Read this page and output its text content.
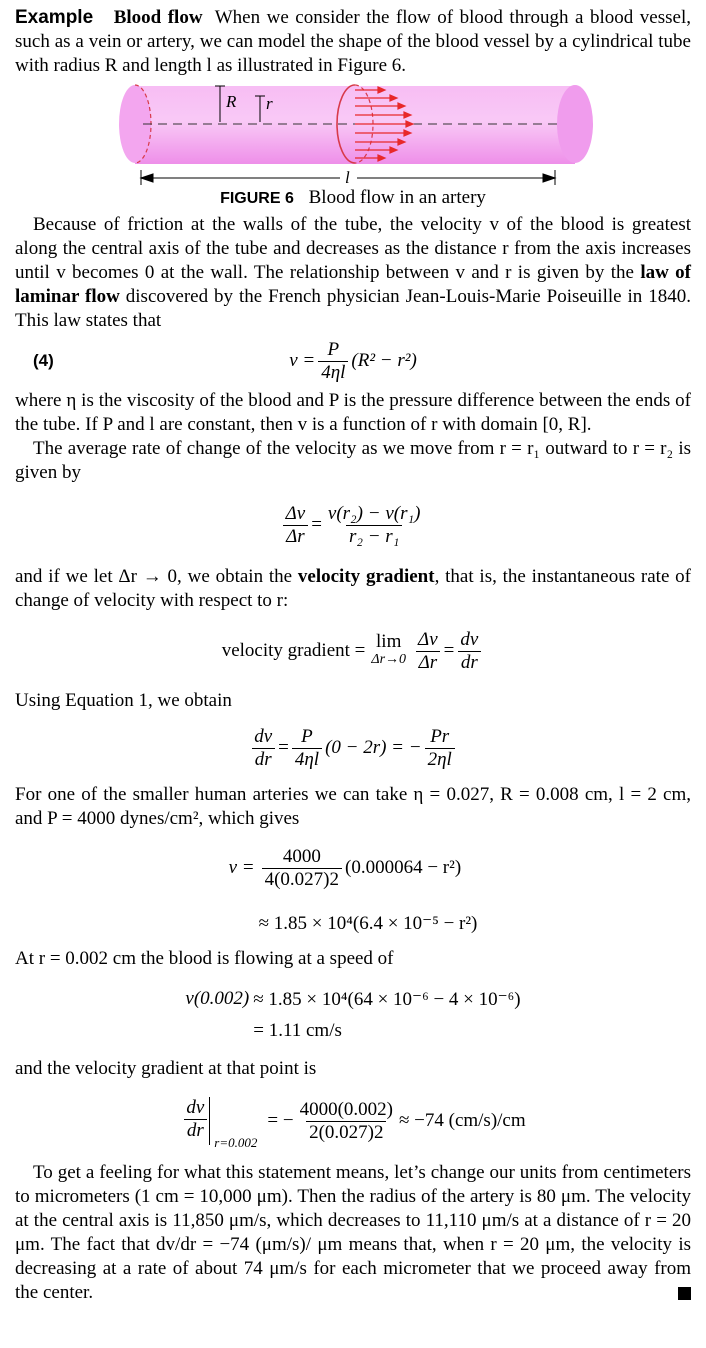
Example Blood flow When we consider the flow of blood through a blood vessel, such as a vein or artery, we can model the shape of the blood vessel by a cylindrical tube with radius R and length l as illustrated in Figure 6.

R r
l
FIGURE 6 Blood flow in an artery

Because of friction at the walls of the tube, the velocity v of the blood is greatest along the central axis of the tube and decreases as the distance r from the axis increases until v becomes 0 at the wall. The relationship between v and r is given by the law of laminar flow discovered by the French physician Jean-Louis-Marie Poiseuille in 1840. This law states that

(4)	$v = \frac{P}{4\eta l} (R^2 - r^2)$

where η is the viscosity of the blood and P is the pressure difference between the ends of the tube. If P and l are constant, then v is a function of r with domain [0, R].

The average rate of change of the velocity as we move from r = r₁ outward to r = r₂ is given by

$\frac{\Delta v}{\Delta r} = \frac{\text{v(r₂) − v(r₁)}}{\text{r₂ − r₁}}$

and if we let Δr → 0, we obtain the velocity gradient, that is, the instantaneous rate of change of velocity with respect to r:

velocity gradient = lim
$\Delta r\to 0 \frac{\Delta v}{\Delta r} = \frac{dv}{dr}$

Using Equation 1, we obtain

$\frac{dv}{dr} = \frac{P}{4\eta l} (0 - 2r)$ = − $\frac{Pr}{2\eta l}$

For one of the smaller human arteries we can take η = 0.027, R = 0.008 cm, l = 2 cm, and P = 4000 dynes/cm², which gives

$v = \frac{4000}{4(0.027)2} (0.000064 - r^2)$
≈ 1.85 × 10⁴(6.4 × 10⁻⁵ − r²)

At r = 0.002 cm the blood is flowing at a speed of

v(0.002) ≈ 1.85 × 10⁴(64 × 10⁻⁶ − 4 × 10⁻⁶)
= 1.11 cm/s

and the velocity gradient at that point is

$\frac{dv}{dr}$
r=0.002
= − $\frac{4000(0.002)}{2(0.027)2} \approx -74$ (cm/s)/cm

To get a feeling for what this statement means, let’s change our units from centimeters to micrometers (1 cm = 10,000 μm). Then the radius of the artery is 80 μm. The velocity at the central axis is 11,850 μm/s, which decreases to 11,110 μm/s at a distance of r = 20 μm. The fact that dv/dr = −74 (μm/s)/ μm means that, when r = 20 μm, the velocity is decreasing at a rate of about 74 μm/s for each micrometer that we proceed away from the center.
